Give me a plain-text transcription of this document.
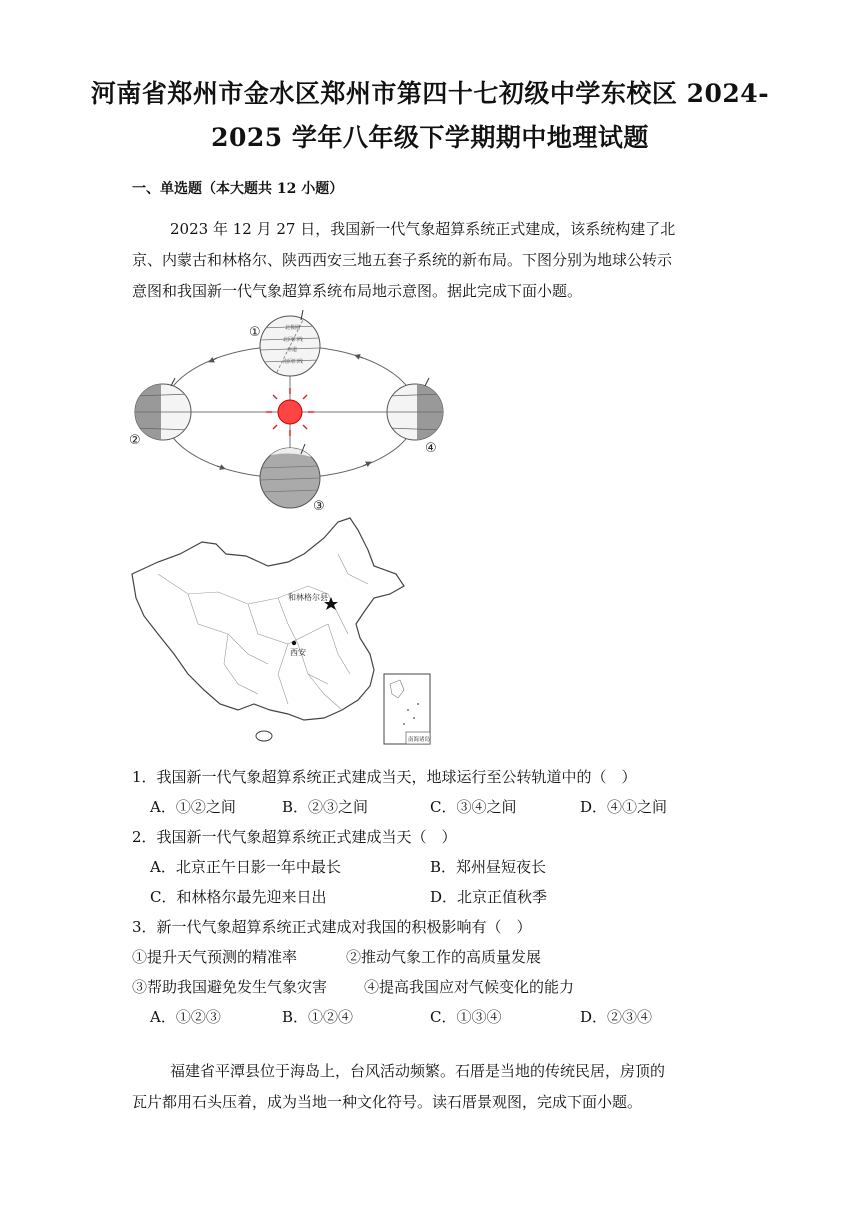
河南省郑州市金水区郑州市第四十七初级中学东校区 2024-
2025 学年八年级下学期期中地理试题
一、单选题（本大题共 12 小题）

2023 年 12 月 27 日，我国新一代气象超算系统正式建成，该系统构建了北

京、内蒙古和林格尔、陕西西安三地五套子系统的新布局。下图分别为地球公转示

意图和我国新一代气象超算系统布局地示意图。据此完成下面小题。

北极圈
北回归线
赤道
南回归线
①
②
③
④
和林格尔县
西安
南海诸岛
1．我国新一代气象超算系统正式建成当天，地球运行至公转轨道中的（　）
A．①②之间	B．②③之间	C．③④之间	D．④①之间
2．我国新一代气象超算系统正式建成当天（　）
A．北京正午日影一年中最长	B．郑州昼短夜长
C．和林格尔最先迎来日出	D．北京正值秋季
3．新一代气象超算系统正式建成对我国的积极影响有（　）
①提升天气预测的精准率	②推动气象工作的高质量发展
③帮助我国避免发生气象灾害 ④提高我国应对气候变化的能力
A．①②③	B．①②④	C．①③④	D．②③④

福建省平潭县位于海岛上，台风活动频繁。石厝是当地的传统民居，房顶的

瓦片都用石头压着，成为当地一种文化符号。读石厝景观图，完成下面小题。
